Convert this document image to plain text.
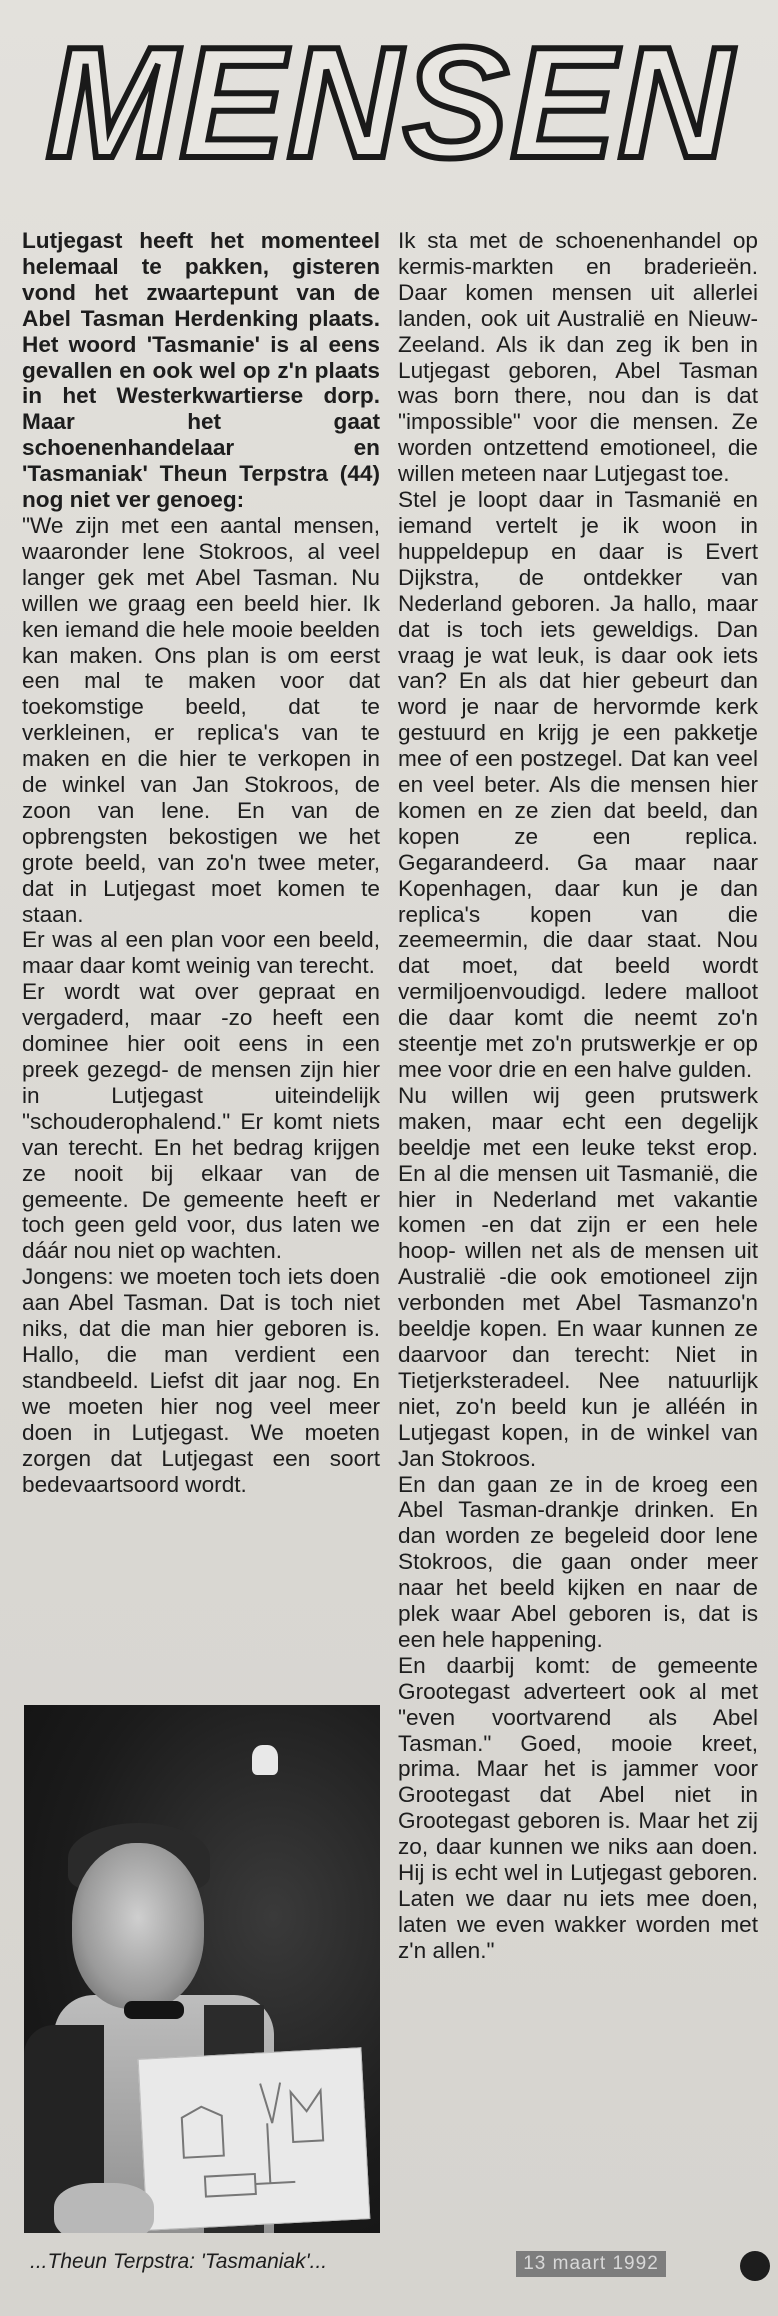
MENSEN

Lutjegast heeft het momenteel helemaal te pakken, gisteren vond het zwaartepunt van de Abel Tasman Herdenking plaats. Het woord 'Tasmanie' is al eens gevallen en ook wel op z'n plaats in het Westerkwartierse dorp. Maar het gaat schoenenhandelaar en 'Tasmaniak' Theun Terpstra (44) nog niet ver genoeg:

"We zijn met een aantal mensen, waaronder lene Stokroos, al veel langer gek met Abel Tasman. Nu willen we graag een beeld hier. Ik ken iemand die hele mooie beelden kan maken. Ons plan is om eerst een mal te maken voor dat toekomstige beeld, dat te verkleinen, er replica's van te maken en die hier te verkopen in de winkel van Jan Stokroos, de zoon van lene. En van de opbrengsten bekostigen we het grote beeld, van zo'n twee meter, dat in Lutjegast moet komen te staan.

Er was al een plan voor een beeld, maar daar komt weinig van terecht.

Er wordt wat over gepraat en vergaderd, maar -zo heeft een dominee hier ooit eens in een preek gezegd- de mensen zijn hier in Lutjegast uiteindelijk "schouderophalend." Er komt niets van terecht. En het bedrag krijgen ze nooit bij elkaar van de gemeente. De gemeente heeft er toch geen geld voor, dus laten we dáár nou niet op wachten.

Jongens: we moeten toch iets doen aan Abel Tasman. Dat is toch niet niks, dat die man hier geboren is. Hallo, die man verdient een standbeeld. Liefst dit jaar nog. En we moeten hier nog veel meer doen in Lutjegast. We moeten zorgen dat Lutjegast een soort bedevaartsoord wordt.

Ik sta met de schoenenhandel op kermis-markten en braderieën. Daar komen mensen uit allerlei landen, ook uit Australië en Nieuw-Zeeland. Als ik dan zeg ik ben in Lutjegast geboren, Abel Tasman was born there, nou dan is dat "impossible" voor die mensen. Ze worden ontzettend emotioneel, die willen meteen naar Lutjegast toe.

Stel je loopt daar in Tasmanië en iemand vertelt je ik woon in huppeldepup en daar is Evert Dijkstra, de ontdekker van Nederland geboren. Ja hallo, maar dat is toch iets geweldigs. Dan vraag je wat leuk, is daar ook iets van? En als dat hier gebeurt dan word je naar de hervormde kerk gestuurd en krijg je een pakketje mee of een postzegel. Dat kan veel en veel beter. Als die mensen hier komen en ze zien dat beeld, dan kopen ze een replica. Gegarandeerd. Ga maar naar Kopenhagen, daar kun je dan replica's kopen van die zeemeermin, die daar staat. Nou dat moet, dat beeld wordt vermiljoenvoudigd. ledere malloot die daar komt die neemt zo'n steentje met zo'n prutswerkje er op mee voor drie en een halve gulden.

Nu willen wij geen prutswerk maken, maar echt een degelijk beeldje met een leuke tekst erop. En al die mensen uit Tasmanië, die hier in Nederland met vakantie komen -en dat zijn er een hele hoop- willen net als de mensen uit Australië -die ook emotioneel zijn verbonden met Abel Tasmanzo'n beeldje kopen. En waar kunnen ze daarvoor dan terecht: Niet in Tietjerksteradeel. Nee natuurlijk niet, zo'n beeld kun je alléén in Lutjegast kopen, in de winkel van Jan Stokroos.

En dan gaan ze in de kroeg een Abel Tasman-drankje drinken. En dan worden ze begeleid door lene Stokroos, die gaan onder meer naar het beeld kijken en naar de plek waar Abel geboren is, dat is een hele happening.

En daarbij komt: de gemeente Grootegast adverteert ook al met "even voortvarend als Abel Tasman." Goed, mooie kreet, prima. Maar het is jammer voor Grootegast dat Abel niet in Grootegast geboren is. Maar het zij zo, daar kunnen we niks aan doen. Hij is echt wel in Lutjegast geboren. Laten we daar nu iets mee doen, laten we even wakker worden met z'n allen."

...Theun Terpstra: 'Tasmaniak'...	13 maart 1992
